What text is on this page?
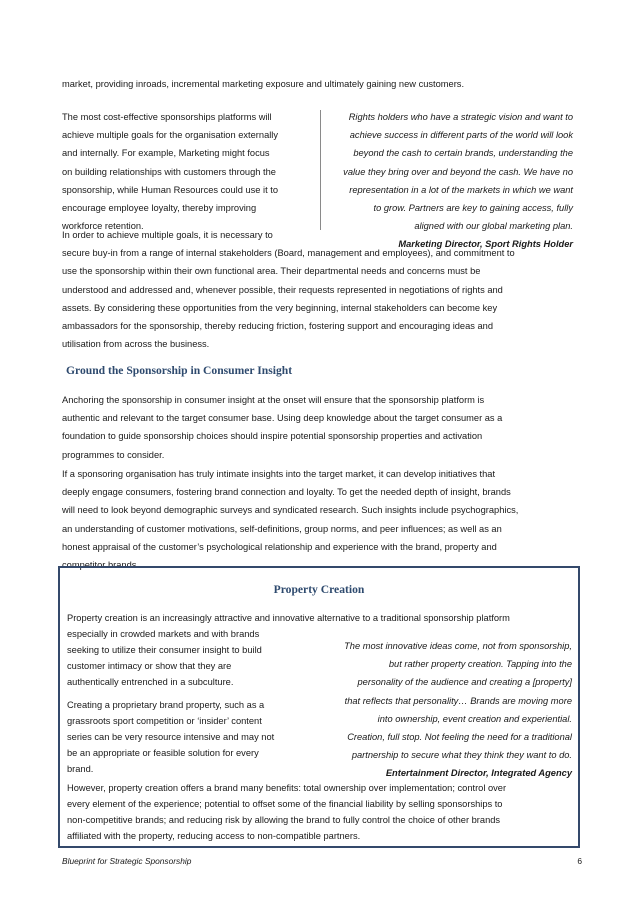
market, providing inroads, incremental marketing exposure and ultimately gaining new customers.

The most cost-effective sponsorships platforms will
achieve multiple goals for the organisation externally
and internally. For example, Marketing might focus
on building relationships with customers through the
sponsorship, while Human Resources could use it to
encourage employee loyalty, thereby improving
workforce retention.
Rights holders who have a strategic vision and want to
achieve success in different parts of the world will look
beyond the cash to certain brands, understanding the
value they bring over and beyond the cash. We have no
representation in a lot of the markets in which we want
to grow. Partners are key to gaining access, fully
aligned with our global marketing plan.
Marketing Director, Sport Rights Holder
In order to achieve multiple goals, it is necessary to
secure buy-in from a range of internal stakeholders (Board, management and employees), and commitment to
use the sponsorship within their own functional area. Their departmental needs and concerns must be
understood and addressed and, whenever possible, their requests represented in negotiations of rights and
assets. By considering these opportunities from the very beginning, internal stakeholders can become key
ambassadors for the sponsorship, thereby reducing friction, fostering support and encouraging ideas and
utilisation from across the business.
Ground the Sponsorship in Consumer Insight
Anchoring the sponsorship in consumer insight at the onset will ensure that the sponsorship platform is
authentic and relevant to the target consumer base. Using deep knowledge about the target consumer as a
foundation to guide sponsorship choices should inspire potential sponsorship properties and activation
programmes to consider.
If a sponsoring organisation has truly intimate insights into the target market, it can develop initiatives that
deeply engage consumers, fostering brand connection and loyalty. To get the needed depth of insight, brands
will need to look beyond demographic surveys and syndicated research. Such insights include psychographics,
an understanding of customer motivations, self-definitions, group norms, and peer influences; as well as an
honest appraisal of the customer’s psychological relationship and experience with the brand, property and
competitor brands.
Property Creation

Property creation is an increasingly attractive and innovative alternative to a traditional sponsorship platform

especially in crowded markets and with brands
seeking to utilize their consumer insight to build
customer intimacy or show that they are
authentically entrenched in a subculture.
Creating a proprietary brand property, such as a
grassroots sport competition or ‘insider’ content
series can be very resource intensive and may not
be an appropriate or feasible solution for every
brand.
The most innovative ideas come, not from sponsorship,
but rather property creation. Tapping into the
personality of the audience and creating a [property]
that reflects that personality… Brands are moving more
into ownership, event creation and experiential.
Creation, full stop. Not feeling the need for a traditional
partnership to secure what they think they want to do.
Entertainment Director, Integrated Agency
However, property creation offers a brand many benefits: total ownership over implementation; control over
every element of the experience; potential to offset some of the financial liability by selling sponsorships to
non-competitive brands; and reducing risk by allowing the brand to fully control the choice of other brands
affiliated with the property, reducing access to non-compatible partners.
Blueprint for Strategic Sponsorship	6
